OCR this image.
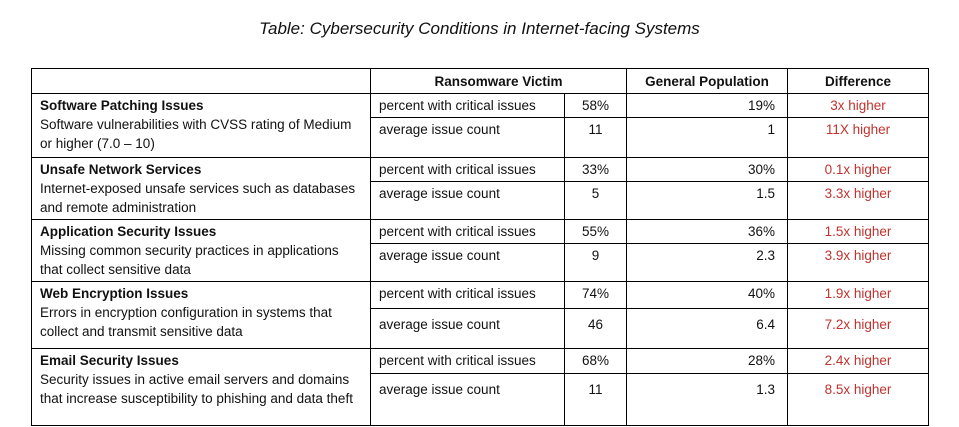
Table: Cybersecurity Conditions in Internet-facing Systems
	Ransomware Victim		General Population	Difference

Software Patching Issues
Software vulnerabilities with CVSS rating of Medium or higher (7.0 – 10)	percent with critical issues	58%	19%	3x higher
	average issue count	11	1	11X higher

Unsafe Network Services
Internet-exposed unsafe services such as databases and remote administration	percent with critical issues	33%	30%	0.1x higher
	average issue count	5	1.5	3.3x higher

Application Security Issues
Missing common security practices in applications that collect sensitive data	percent with critical issues	55%	36%	1.5x higher
	average issue count	9	2.3	3.9x higher

Web Encryption Issues
Errors in encryption configuration in systems that collect and transmit sensitive data	percent with critical issues	74%	40%	1.9x higher
	average issue count	46	6.4	7.2x higher

Email Security Issues
Security issues in active email servers and domains that increase susceptibility to phishing and data theft	percent with critical issues	68%	28%	2.4x higher
	average issue count	11	1.3	8.5x higher
